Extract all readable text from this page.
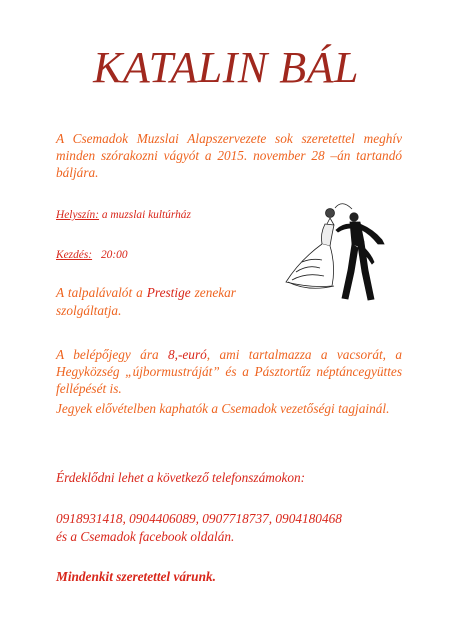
KATALIN BÁL
A Csemadok Muzslai Alapszervezete sok szeretettel meghív minden szórakozni vágyót a 2015. november 28 –án tartandó báljára.
Helyszín: a muzslai kultúrház
Kezdés: 20:00
A talpalávalót a Prestige zenekar szolgáltatja.
A belépőjegy ára 8,-euró, ami tartalmazza a vacsorát, a Hegyközség „újbormustráját” és a Pásztortűz néptáncegyüttes fellépését is.
Jegyek elővételben kaphatók a Csemadok vezetőségi tagjainál.
Érdeklődni lehet a következő telefonszámokon:
0918931418, 0904406089, 0907718737, 0904180468
és a Csemadok facebook oldalán.
Mindenkit szeretettel várunk.
